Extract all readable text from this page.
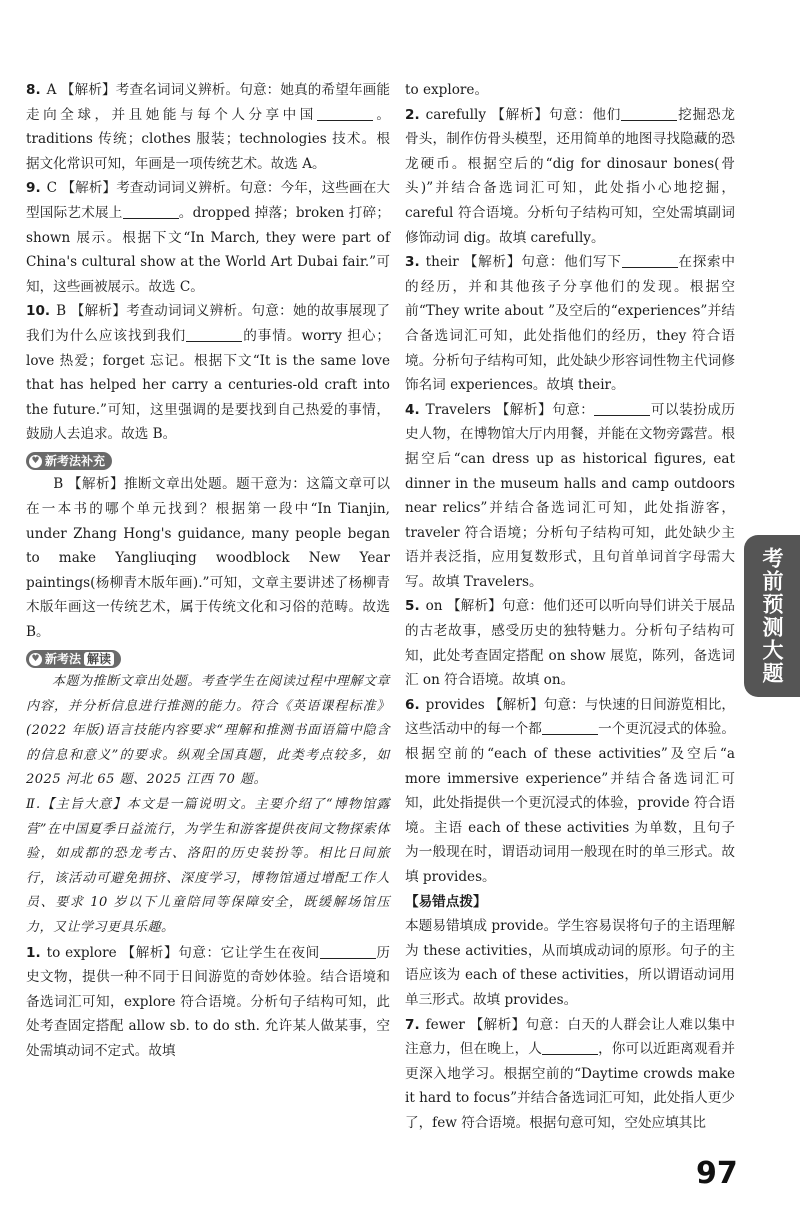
8. A 【解析】考查名词词义辨析。句意：她真的希望年画能走向全球，并且她能与每个人分享中国	。traditions 传统；clothes 服装；technologies 技术。根据文化常识可知，年画是一项传统艺术。故选 A。

9. C 【解析】考查动词词义辨析。句意：今年，这些画在大型国际艺术展上	。dropped 掉落；broken 打碎；shown 展示。根据下文“In March, they were part of China's cultural show at the World Art Dubai fair.”可知，这些画被展示。故选 C。

10. B 【解析】考查动词词义辨析。句意：她的故事展现了我们为什么应该找到我们	的事情。worry 担心；love 热爱；forget 忘记。根据下文“It is the same love that has helped her carry a centuries-old craft into the future.”可知，这里强调的是要找到自己热爱的事情，鼓励人去追求。故选 B。

♥ 新考法补充

B 【解析】推断文章出处题。题干意为：这篇文章可以在一本书的哪个单元找到？根据第一段中“In Tianjin, under Zhang Hong's guidance, many people began to make Yangliuqing woodblock New Year paintings(杨柳青木版年画).”可知，文章主要讲述了杨柳青木版年画这一传统艺术，属于传统文化和习俗的范畴。故选 B。

♥ 新考法 解读

本题为推断文章出处题。考查学生在阅读过程中理解文章内容，并分析信息进行推测的能力。符合《英语课程标准》(2022 年版)语言技能内容要求“理解和推测书面语篇中隐含的信息和意义”的要求。纵观全国真题，此类考点较多，如 2025 河北 65 题、2025 江西 70 题。

Ⅱ.【主旨大意】本文是一篇说明文。主要介绍了“博物馆露营”在中国夏季日益流行，为学生和游客提供夜间文物探索体验，如成都的恐龙考古、洛阳的历史装扮等。相比日间旅行，该活动可避免拥挤、深度学习，博物馆通过增配工作人员、要求 10 岁以下儿童陪同等保障安全，既缓解场馆压力，又让学习更具乐趣。

1. to explore 【解析】句意：它让学生在夜间	历史文物，提供一种不同于日间游览的奇妙体验。结合语境和备选词汇可知，explore 符合语境。分析句子结构可知，此处考查固定搭配 allow sb. to do sth. 允许某人做某事，空处需填动词不定式。故填

to explore。

2. carefully 【解析】句意：他们	挖掘恐龙骨头，制作仿骨头模型，还用简单的地图寻找隐藏的恐龙硬币。根据空后的“dig for dinosaur bones(骨头)”并结合备选词汇可知，此处指小心地挖掘，careful 符合语境。分析句子结构可知，空处需填副词修饰动词 dig。故填 carefully。

3. their 【解析】句意：他们写下	在探索中的经历，并和其他孩子分享他们的发现。根据空前“They write about ”及空后的“experiences”并结合备选词汇可知，此处指他们的经历，they 符合语境。分析句子结构可知，此处缺少形容词性物主代词修饰名词 experiences。故填 their。

4. Travelers 【解析】句意：	可以装扮成历史人物，在博物馆大厅内用餐，并能在文物旁露营。根据空后“can dress up as historical figures, eat dinner in the museum halls and camp outdoors near relics”并结合备选词汇可知，此处指游客，traveler 符合语境；分析句子结构可知，此处缺少主语并表泛指，应用复数形式，且句首单词首字母需大写。故填 Travelers。

5. on 【解析】句意：他们还可以听向导们讲关于展品的古老故事，感受历史的独特魅力。分析句子结构可知，此处考查固定搭配 on show 展览，陈列，备选词汇 on 符合语境。故填 on。

6. provides 【解析】句意：与快速的日间游览相比，这些活动中的每一个都	一个更沉浸式的体验。根据空前的“each of these activities”及空后“a more immersive experience”并结合备选词汇可知，此处指提供一个更沉浸式的体验，provide 符合语境。主语 each of these activities 为单数，且句子为一般现在时，谓语动词用一般现在时的单三形式。故填 provides。

【易错点拨】

本题易错填成 provide。学生容易误将句子的主语理解为 these activities，从而填成动词的原形。句子的主语应该为 each of these activities，所以谓语动词用单三形式。故填 provides。

7. fewer 【解析】句意：白天的人群会让人难以集中注意力，但在晚上，人	，你可以近距离观看并更深入地学习。根据空前的“Daytime crowds make it hard to focus”并结合备选词汇可知，此处指人更少了，few 符合语境。根据句意可知，空处应填其比

考前预测大题
97
